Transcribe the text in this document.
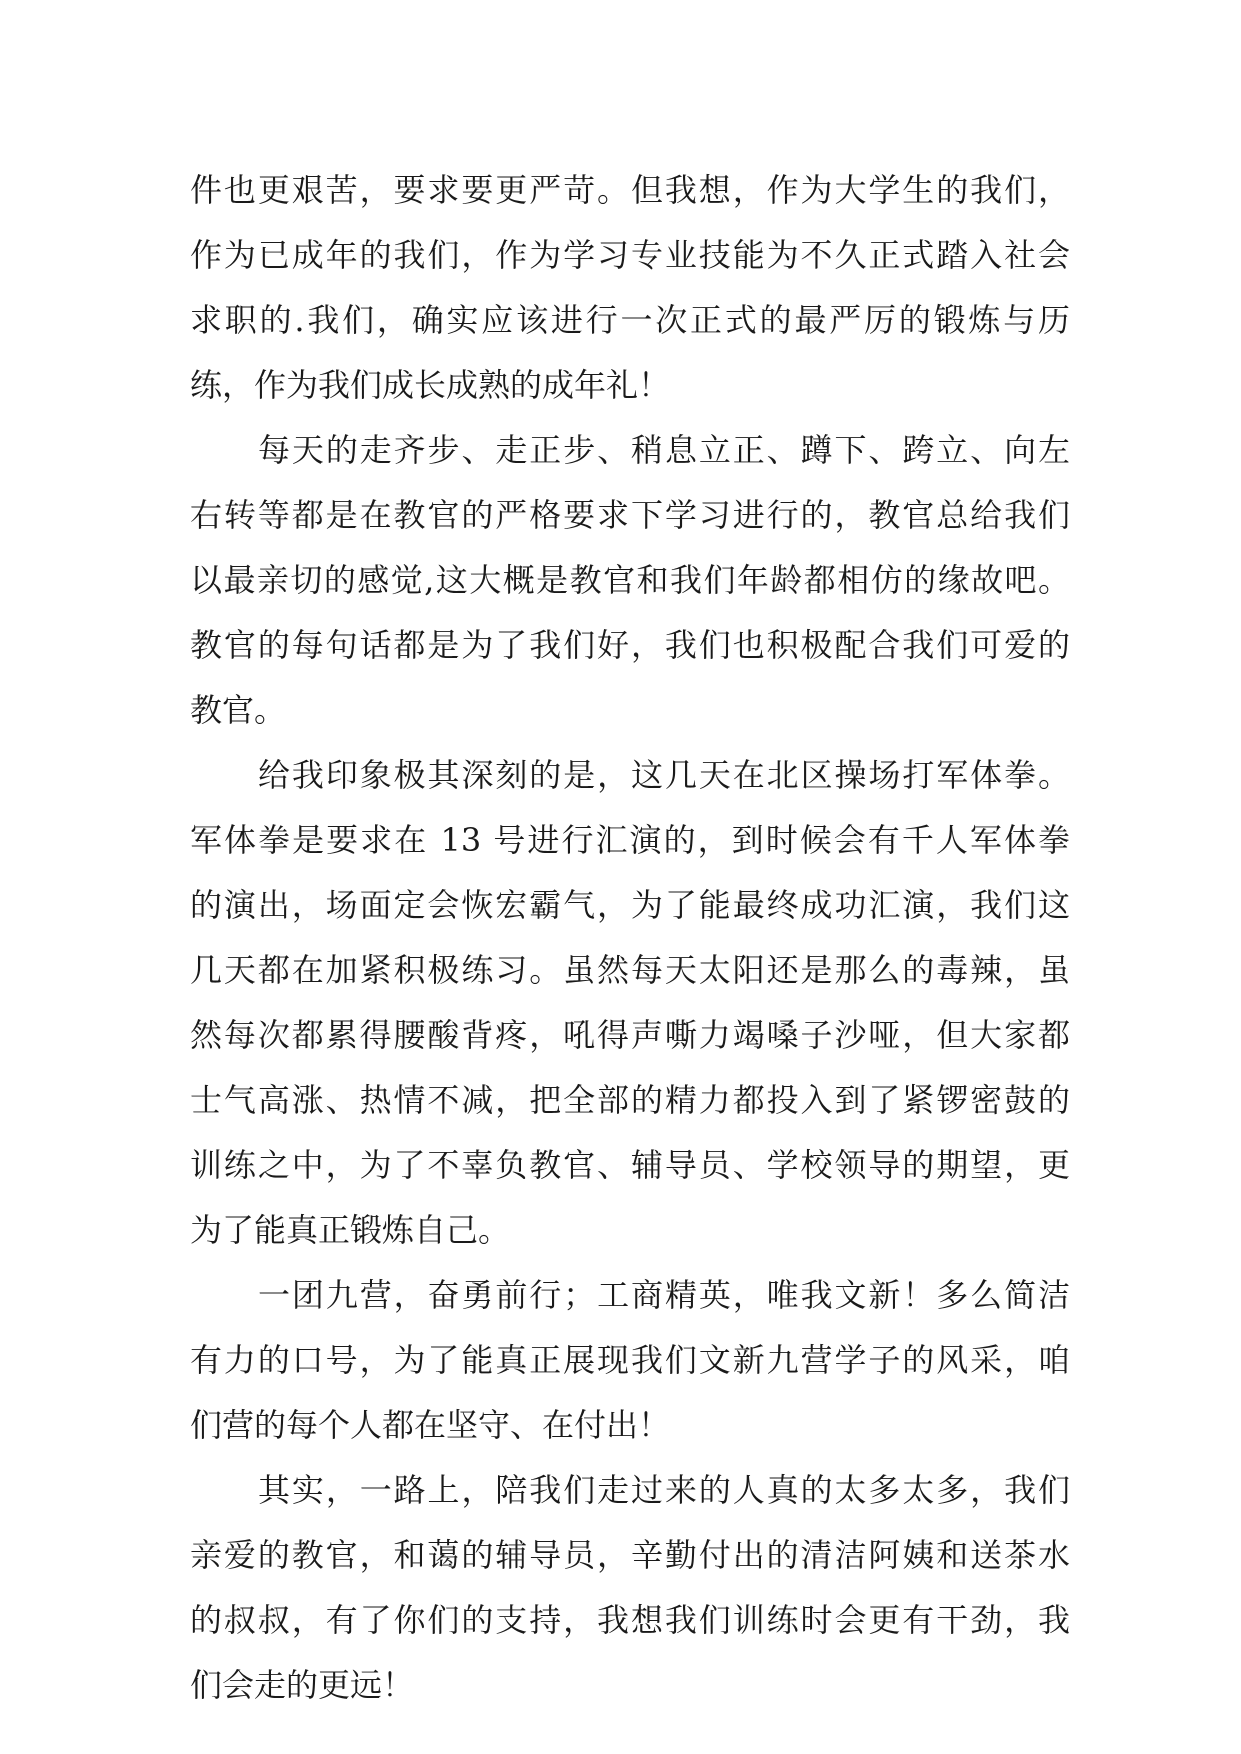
件也更艰苦，要求要更严苛。但我想，作为大学生的我们，
作为已成年的我们，作为学习专业技能为不久正式踏入社会
求职的.我们，确实应该进行一次正式的最严厉的锻炼与历
练，作为我们成长成熟的成年礼！
每天的走齐步、走正步、稍息立正、蹲下、跨立、向左
右转等都是在教官的严格要求下学习进行的，教官总给我们
以最亲切的感觉,这大概是教官和我们年龄都相仿的缘故吧。
教官的每句话都是为了我们好，我们也积极配合我们可爱的
教官。
给我印象极其深刻的是，这几天在北区操场打军体拳。
军体拳是要求在 13 号进行汇演的，到时候会有千人军体拳
的演出，场面定会恢宏霸气，为了能最终成功汇演，我们这
几天都在加紧积极练习。虽然每天太阳还是那么的毒辣，虽
然每次都累得腰酸背疼，吼得声嘶力竭嗓子沙哑，但大家都
士气高涨、热情不减，把全部的精力都投入到了紧锣密鼓的
训练之中，为了不辜负教官、辅导员、学校领导的期望，更
为了能真正锻炼自己。
一团九营，奋勇前行；工商精英，唯我文新！多么简洁
有力的口号，为了能真正展现我们文新九营学子的风采，咱
们营的每个人都在坚守、在付出！
其实，一路上，陪我们走过来的人真的太多太多，我们
亲爱的教官，和蔼的辅导员，辛勤付出的清洁阿姨和送茶水
的叔叔，有了你们的支持，我想我们训练时会更有干劲，我
们会走的更远！
